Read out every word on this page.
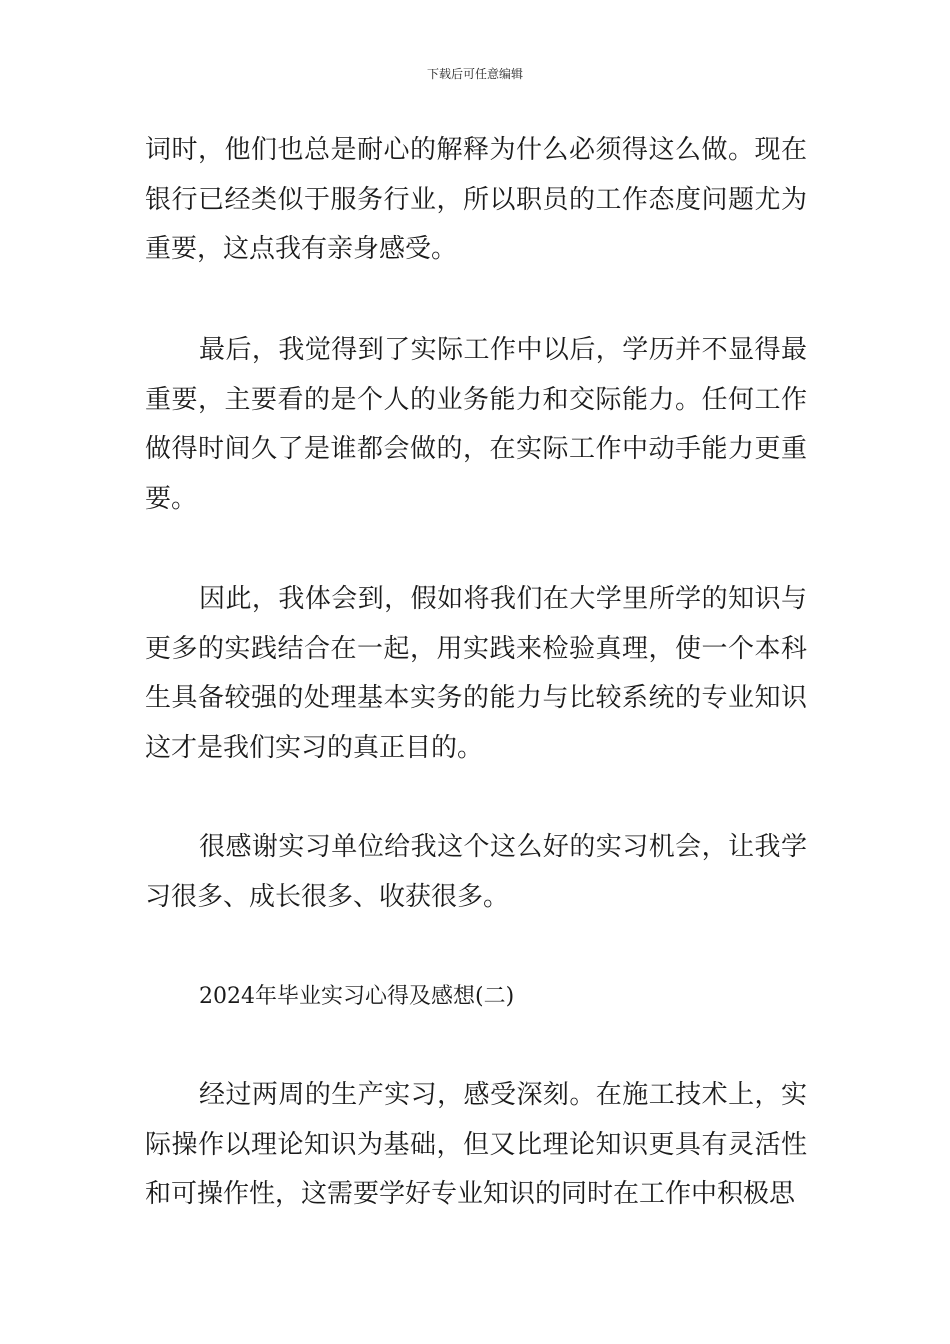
下载后可任意编辑

词时，他们也总是耐心的解释为什么必须得这么做。现在银行已经类似于服务行业，所以职员的工作态度问题尤为重要，这点我有亲身感受。

最后，我觉得到了实际工作中以后，学历并不显得最重要，主要看的是个人的业务能力和交际能力。任何工作做得时间久了是谁都会做的，在实际工作中动手能力更重要。

因此，我体会到，假如将我们在大学里所学的知识与更多的实践结合在一起，用实践来检验真理，使一个本科生具备较强的处理基本实务的能力与比较系统的专业知识这才是我们实习的真正目的。

很感谢实习单位给我这个这么好的实习机会，让我学习很多、成长很多、收获很多。

2024年毕业实习心得及感想(二)

经过两周的生产实习，感受深刻。在施工技术上，实际操作以理论知识为基础，但又比理论知识更具有灵活性和可操作性，这需要学好专业知识的同时在工作中积极思
